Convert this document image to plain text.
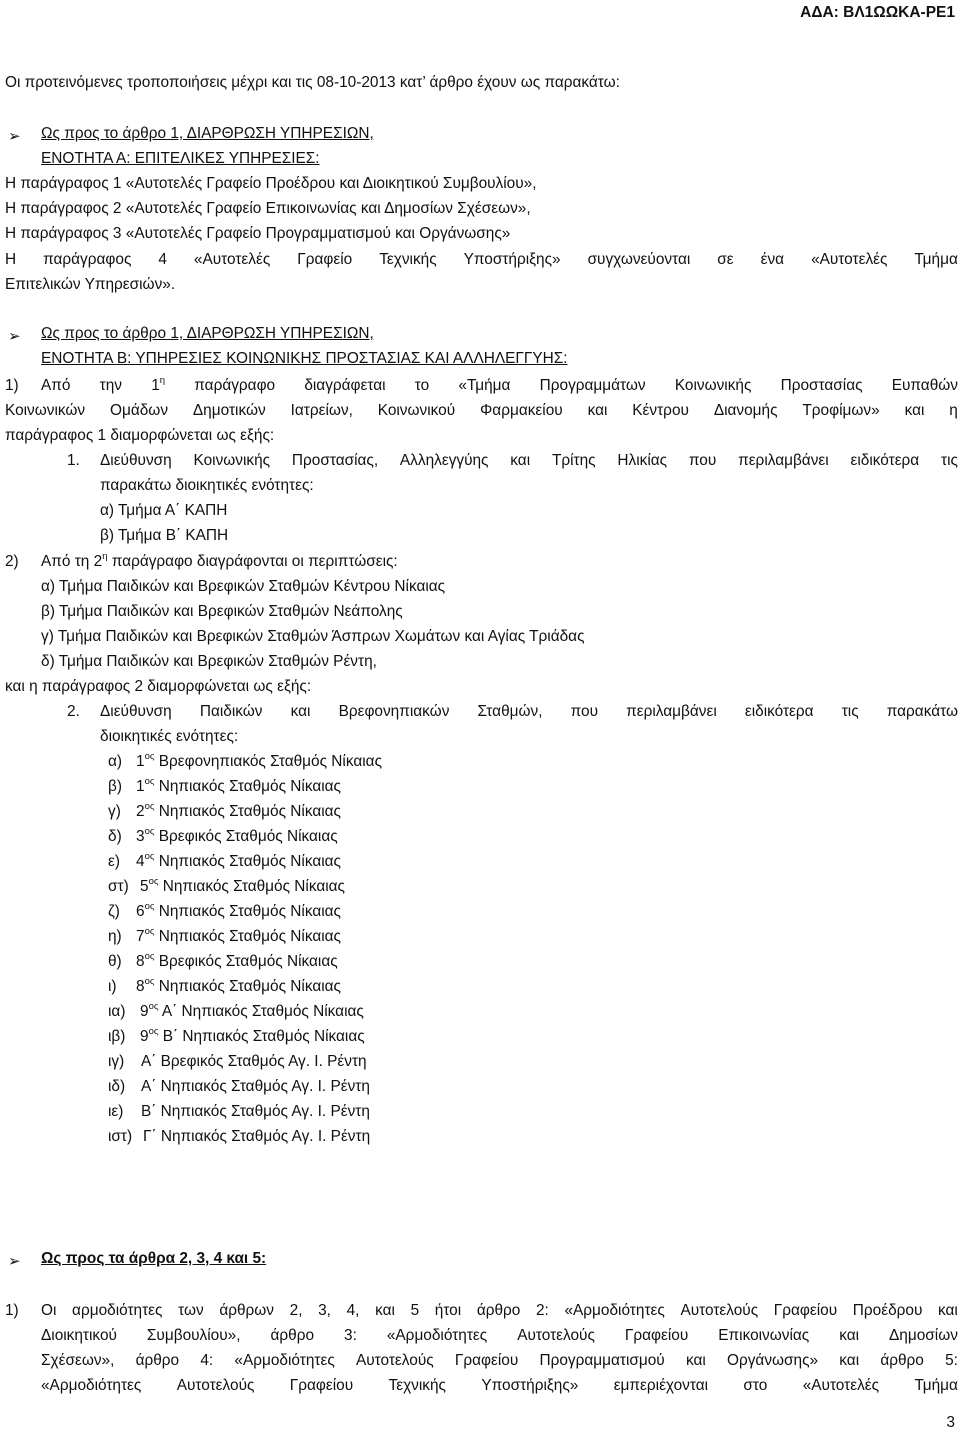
ΑΔΑ: ΒΛ1ΩΩΚΑ-ΡΕ1
Οι προτεινόμενες τροποποιήσεις μέχρι και τις 08-10-2013 κατ’ άρθρο έχουν ως παρακάτω:
➢ Ως προς το άρθρο 1, ΔΙΑΡΘΡΩΣΗ ΥΠΗΡΕΣΙΩΝ,
ΕΝΟΤΗΤΑ Α: ΕΠΙΤΕΛΙΚΕΣ ΥΠΗΡΕΣΙΕΣ:
Η παράγραφος 1 «Αυτοτελές Γραφείο Προέδρου και Διοικητικού Συμβουλίου»,
Η παράγραφος 2 «Αυτοτελές Γραφείο Επικοινωνίας και Δημοσίων Σχέσεων»,
Η παράγραφος 3 «Αυτοτελές Γραφείο Προγραμματισμού και Οργάνωσης»
Η παράγραφος 4 «Αυτοτελές Γραφείο Τεχνικής Υποστήριξης» συγχωνεύονται σε ένα «Αυτοτελές Τμήμα
Επιτελικών Υπηρεσιών».
➢ Ως προς το άρθρο 1, ΔΙΑΡΘΡΩΣΗ ΥΠΗΡΕΣΙΩΝ,
ΕΝΟΤΗΤΑ Β: ΥΠΗΡΕΣΙΕΣ ΚΟΙΝΩΝΙΚΗΣ ΠΡΟΣΤΑΣΙΑΣ ΚΑΙ ΑΛΛΗΛΕΓΓΥΗΣ:
1) Από την $1^\eta$ παράγραφο διαγράφεται το «Τμήμα Προγραμμάτων Κοινωνικής Προστασίας Ευπαθών
Κοινωνικών Ομάδων Δημοτικών Ιατρείων, Κοινωνικού Φαρμακείου και Κέντρου Διανομής Τροφίμων» και η
παράγραφος 1 διαμορφώνεται ως εξής:
1. Διεύθυνση Κοινωνικής Προστασίας, Αλληλεγγύης και Τρίτης Ηλικίας που περιλαμβάνει ειδικότερα τις
παρακάτω διοικητικές ενότητες:
α) Τμήμα Α΄ ΚΑΠΗ
β) Τμήμα Β΄ ΚΑΠΗ
2) Από τη $2^\eta$ παράγραφο διαγράφονται οι περιπτώσεις:
α) Τμήμα Παιδικών και Βρεφικών Σταθμών Κέντρου Νίκαιας
β) Τμήμα Παιδικών και Βρεφικών Σταθμών Νεάπολης
γ) Τμήμα Παιδικών και Βρεφικών Σταθμών Άσπρων Χωμάτων και Αγίας Τριάδας
δ) Τμήμα Παιδικών και Βρεφικών Σταθμών Ρέντη,
και η παράγραφος 2 διαμορφώνεται ως εξής:
2. Διεύθυνση Παιδικών και Βρεφονηπιακών Σταθμών, που περιλαμβάνει ειδικότερα τις παρακάτω
διοικητικές ενότητες:
α) $1^{o\varsigma}$ Βρεφονηπιακός Σταθμός Νίκαιας
β) $1^{o\varsigma}$ Νηπιακός Σταθμός Νίκαιας
γ) $2^{o\varsigma}$ Νηπιακός Σταθμός Νίκαιας
δ) $3^{o\varsigma}$ Βρεφικός Σταθμός Νίκαιας
ε) $4^{o\varsigma}$ Νηπιακός Σταθμός Νίκαιας
στ) $5^{o\varsigma}$ Νηπιακός Σταθμός Νίκαιας
ζ) $6^{o\varsigma}$ Νηπιακός Σταθμός Νίκαιας
η) $7^{o\varsigma}$ Νηπιακός Σταθμός Νίκαιας
θ) $8^{o\varsigma}$ Βρεφικός Σταθμός Νίκαιας
ι) $8^{o\varsigma}$ Νηπιακός Σταθμός Νίκαιας
ια) $9^{o\varsigma}$ Α΄ Νηπιακός Σταθμός Νίκαιας
ιβ) $9^{o\varsigma}$ Β΄ Νηπιακός Σταθμός Νίκαιας
ιγ) Α΄ Βρεφικός Σταθμός Αγ. Ι. Ρέντη
ιδ) Α΄ Νηπιακός Σταθμός Αγ. Ι. Ρέντη
ιε) Β΄ Νηπιακός Σταθμός Αγ. Ι. Ρέντη
ιστ) Γ΄ Νηπιακός Σταθμός Αγ. Ι. Ρέντη
➢ Ως προς τα άρθρα 2, 3, 4 και 5:
1) Οι αρμοδιότητες των άρθρων 2, 3, 4, και 5 ήτοι άρθρο 2: «Αρμοδιότητες Αυτοτελούς Γραφείου Προέδρου και
Διοικητικού Συμβουλίου», άρθρο 3: «Αρμοδιότητες Αυτοτελούς Γραφείου Επικοινωνίας και Δημοσίων
Σχέσεων», άρθρο 4: «Αρμοδιότητες Αυτοτελούς Γραφείου Προγραμματισμού και Οργάνωσης» και άρθρο 5:
«Αρμοδιότητες Αυτοτελούς Γραφείου Τεχνικής Υποστήριξης» εμπεριέχονται στο «Αυτοτελές Τμήμα
3
